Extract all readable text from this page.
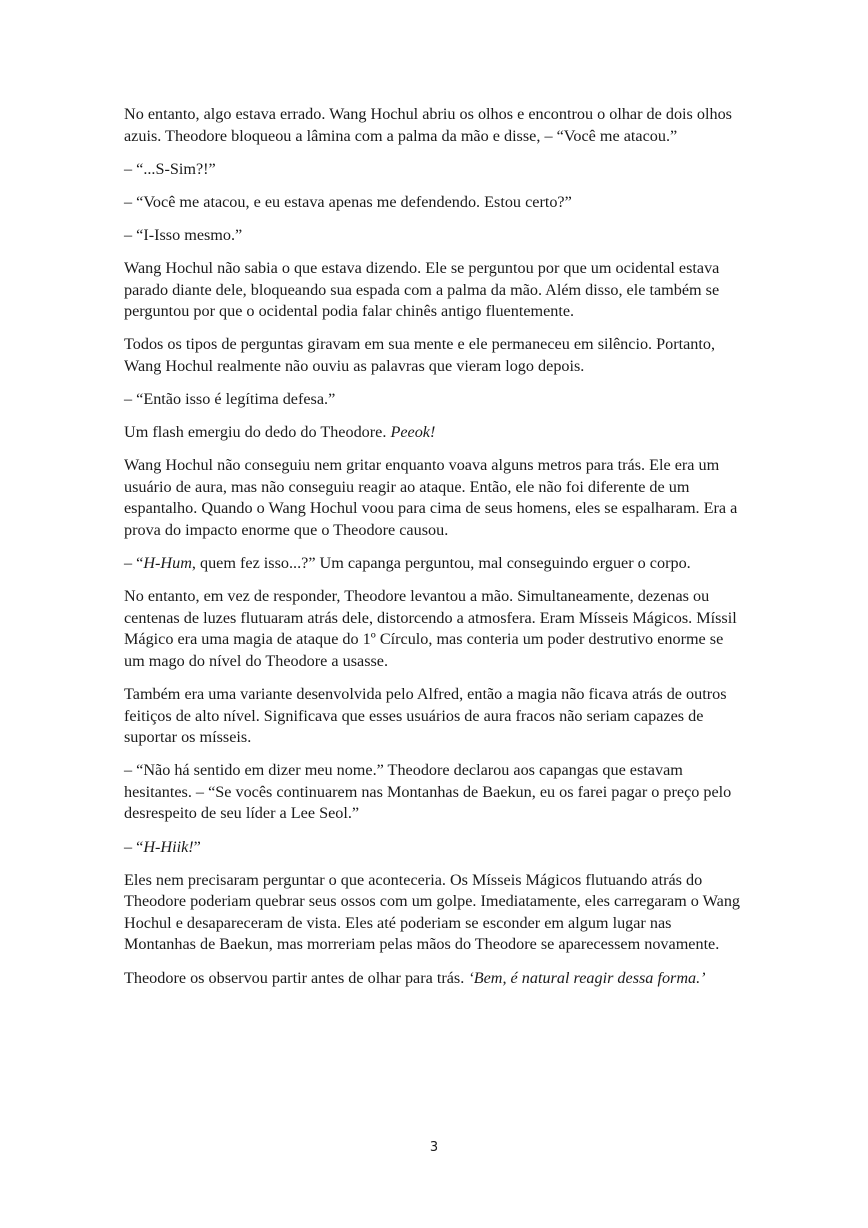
No entanto, algo estava errado. Wang Hochul abriu os olhos e encontrou o olhar de dois olhos azuis. Theodore bloqueou a lâmina com a palma da mão e disse, – “Você me atacou.”

– “...S-Sim?!”

– “Você me atacou, e eu estava apenas me defendendo. Estou certo?”

– “I-Isso mesmo.”

Wang Hochul não sabia o que estava dizendo. Ele se perguntou por que um ocidental estava parado diante dele, bloqueando sua espada com a palma da mão. Além disso, ele também se perguntou por que o ocidental podia falar chinês antigo fluentemente.

Todos os tipos de perguntas giravam em sua mente e ele permaneceu em silêncio. Portanto, Wang Hochul realmente não ouviu as palavras que vieram logo depois.

– “Então isso é legítima defesa.”

Um flash emergiu do dedo do Theodore. Peeok!

Wang Hochul não conseguiu nem gritar enquanto voava alguns metros para trás. Ele era um usuário de aura, mas não conseguiu reagir ao ataque. Então, ele não foi diferente de um espantalho. Quando o Wang Hochul voou para cima de seus homens, eles se espalharam. Era a prova do impacto enorme que o Theodore causou.

– “H-Hum, quem fez isso...?” Um capanga perguntou, mal conseguindo erguer o corpo.

No entanto, em vez de responder, Theodore levantou a mão. Simultaneamente, dezenas ou centenas de luzes flutuaram atrás dele, distorcendo a atmosfera. Eram Mísseis Mágicos. Míssil Mágico era uma magia de ataque do 1º Círculo, mas conteria um poder destrutivo enorme se um mago do nível do Theodore a usasse.

Também era uma variante desenvolvida pelo Alfred, então a magia não ficava atrás de outros feitiços de alto nível. Significava que esses usuários de aura fracos não seriam capazes de suportar os mísseis.

– “Não há sentido em dizer meu nome.” Theodore declarou aos capangas que estavam hesitantes. – “Se vocês continuarem nas Montanhas de Baekun, eu os farei pagar o preço pelo desrespeito de seu líder a Lee Seol.”

– “H-Hiik!”

Eles nem precisaram perguntar o que aconteceria. Os Mísseis Mágicos flutuando atrás do Theodore poderiam quebrar seus ossos com um golpe. Imediatamente, eles carregaram o Wang Hochul e desapareceram de vista. Eles até poderiam se esconder em algum lugar nas Montanhas de Baekun, mas morreriam pelas mãos do Theodore se aparecessem novamente.

Theodore os observou partir antes de olhar para trás. ‘Bem, é natural reagir dessa forma.’

3
